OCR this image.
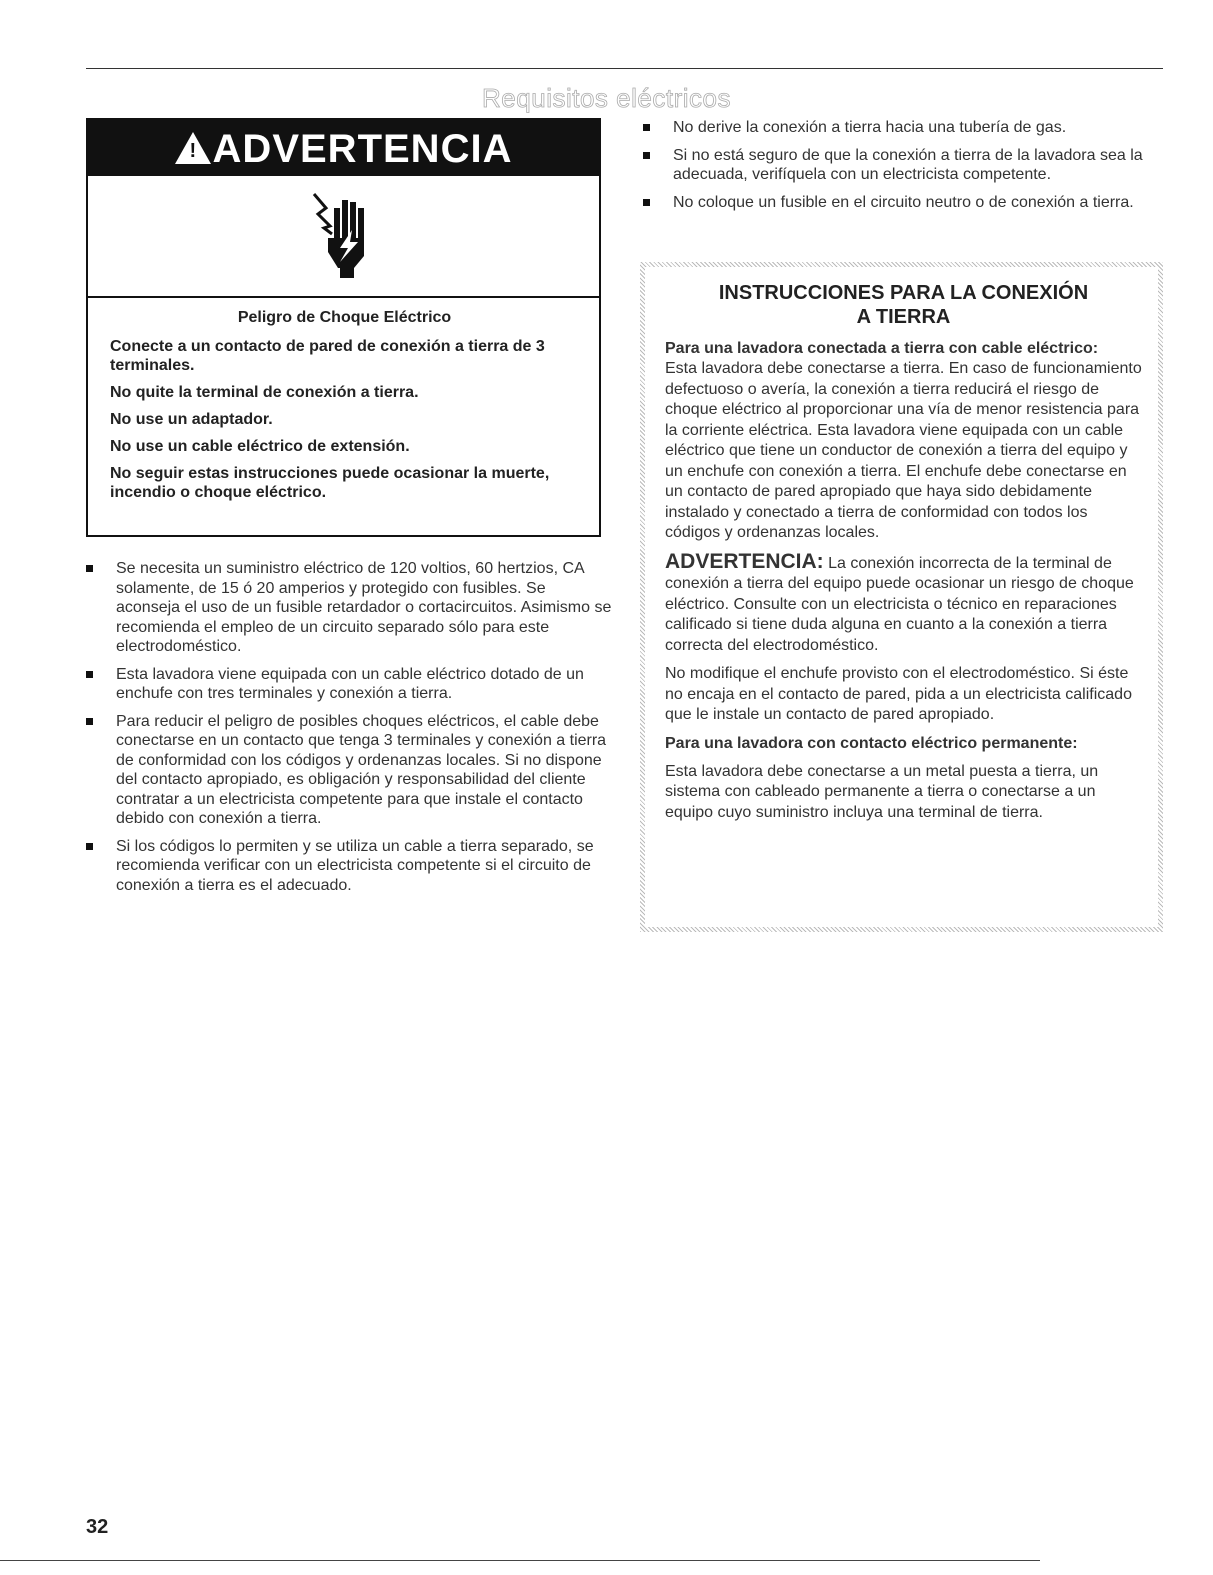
Requisitos eléctricos
! ADVERTENCIA

Peligro de Choque Eléctrico

Conecte a un contacto de pared de conexión a tierra de 3 terminales.

No quite la terminal de conexión a tierra.

No use un adaptador.

No use un cable eléctrico de extensión.

No seguir estas instrucciones puede ocasionar la muerte, incendio o choque eléctrico.

Se necesita un suministro eléctrico de 120 voltios, 60 hertzios, CA solamente, de 15 ó 20 amperios y protegido con fusibles. Se aconseja el uso de un fusible retardador o cortacircuitos. Asimismo se recomienda el empleo de un circuito separado sólo para este electrodoméstico.
Esta lavadora viene equipada con un cable eléctrico dotado de un enchufe con tres terminales y conexión a tierra.
Para reducir el peligro de posibles choques eléctricos, el cable debe conectarse en un contacto que tenga 3 terminales y conexión a tierra de conformidad con los códigos y ordenanzas locales. Si no dispone del contacto apropiado, es obligación y responsabilidad del cliente contratar a un electricista competente para que instale el contacto debido con conexión a tierra.
Si los códigos lo permiten y se utiliza un cable a tierra separado, se recomienda verificar con un electricista competente si el circuito de conexión a tierra es el adecuado.
No derive la conexión a tierra hacia una tubería de gas.
Si no está seguro de que la conexión a tierra de la lavadora sea la adecuada, verifíquela con un electricista competente.
No coloque un fusible en el circuito neutro o de conexión a tierra.
INSTRUCCIONES PARA LA CONEXIÓN
A TIERRA

Para una lavadora conectada a tierra con cable eléctrico:

Esta lavadora debe conectarse a tierra. En caso de funcionamiento defectuoso o avería, la conexión a tierra reducirá el riesgo de choque eléctrico al proporcionar una vía de menor resistencia para la corriente eléctrica. Esta lavadora viene equipada con un cable eléctrico que tiene un conductor de conexión a tierra del equipo y un enchufe con conexión a tierra. El enchufe debe conectarse en un contacto de pared apropiado que haya sido debidamente instalado y conectado a tierra de conformidad con todos los códigos y ordenanzas locales.

ADVERTENCIA: La conexión incorrecta de la terminal de conexión a tierra del equipo puede ocasionar un riesgo de choque eléctrico. Consulte con un electricista o técnico en reparaciones calificado si tiene duda alguna en cuanto a la conexión a tierra correcta del electrodoméstico.

No modifique el enchufe provisto con el electrodoméstico. Si éste no encaja en el contacto de pared, pida a un electricista calificado que le instale un contacto de pared apropiado.

Para una lavadora con contacto eléctrico permanente:

Esta lavadora debe conectarse a un metal puesta a tierra, un sistema con cableado permanente a tierra o conectarse a un equipo cuyo suministro incluya una terminal de tierra.

32
